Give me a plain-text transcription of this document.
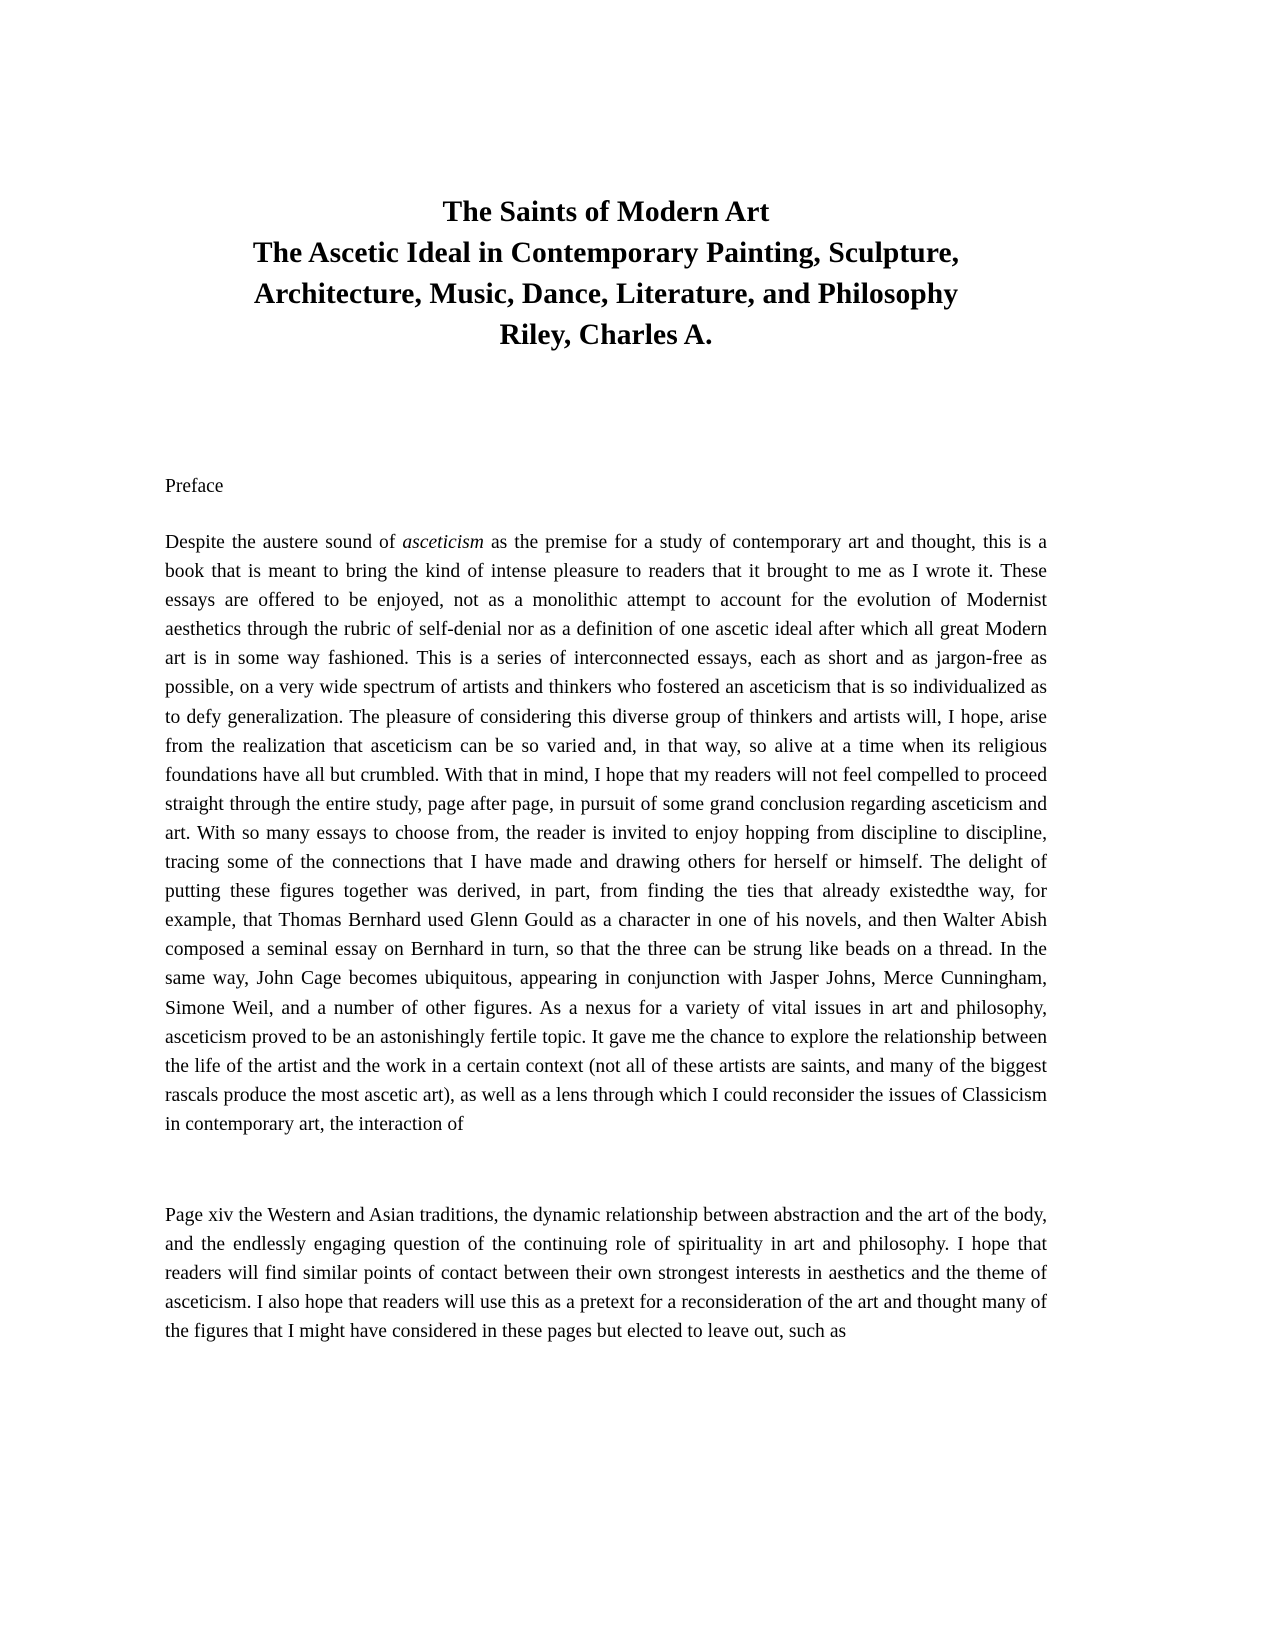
The Saints of Modern Art
The Ascetic Ideal in Contemporary Painting, Sculpture,
Architecture, Music, Dance, Literature, and Philosophy
Riley, Charles A.
Preface

Despite the austere sound of asceticism as the premise for a study of contemporary art and thought, this is a book that is meant to bring the kind of intense pleasure to readers that it brought to me as I wrote it. These essays are offered to be enjoyed, not as a monolithic attempt to account for the evolution of Modernist aesthetics through the rubric of self-denial nor as a definition of one ascetic ideal after which all great Modern art is in some way fashioned. This is a series of interconnected essays, each as short and as jargon-free as possible, on a very wide spectrum of artists and thinkers who fostered an asceticism that is so individualized as to defy generalization. The pleasure of considering this diverse group of thinkers and artists will, I hope, arise from the realization that asceticism can be so varied and, in that way, so alive at a time when its religious foundations have all but crumbled. With that in mind, I hope that my readers will not feel compelled to proceed straight through the entire study, page after page, in pursuit of some grand conclusion regarding asceticism and art. With so many essays to choose from, the reader is invited to enjoy hopping from discipline to discipline, tracing some of the connections that I have made and drawing others for herself or himself. The delight of putting these figures together was derived, in part, from finding the ties that already existedthe way, for example, that Thomas Bernhard used Glenn Gould as a character in one of his novels, and then Walter Abish composed a seminal essay on Bernhard in turn, so that the three can be strung like beads on a thread. In the same way, John Cage becomes ubiquitous, appearing in conjunction with Jasper Johns, Merce Cunningham, Simone Weil, and a number of other figures. As a nexus for a variety of vital issues in art and philosophy, asceticism proved to be an astonishingly fertile topic. It gave me the chance to explore the relationship between the life of the artist and the work in a certain context (not all of these artists are saints, and many of the biggest rascals produce the most ascetic art), as well as a lens through which I could reconsider the issues of Classicism in contemporary art, the interaction of

Page xiv the Western and Asian traditions, the dynamic relationship between abstraction and the art of the body, and the endlessly engaging question of the continuing role of spirituality in art and philosophy. I hope that readers will find similar points of contact between their own strongest interests in aesthetics and the theme of asceticism. I also hope that readers will use this as a pretext for a reconsideration of the art and thought many of the figures that I might have considered in these pages but elected to leave out, such as
